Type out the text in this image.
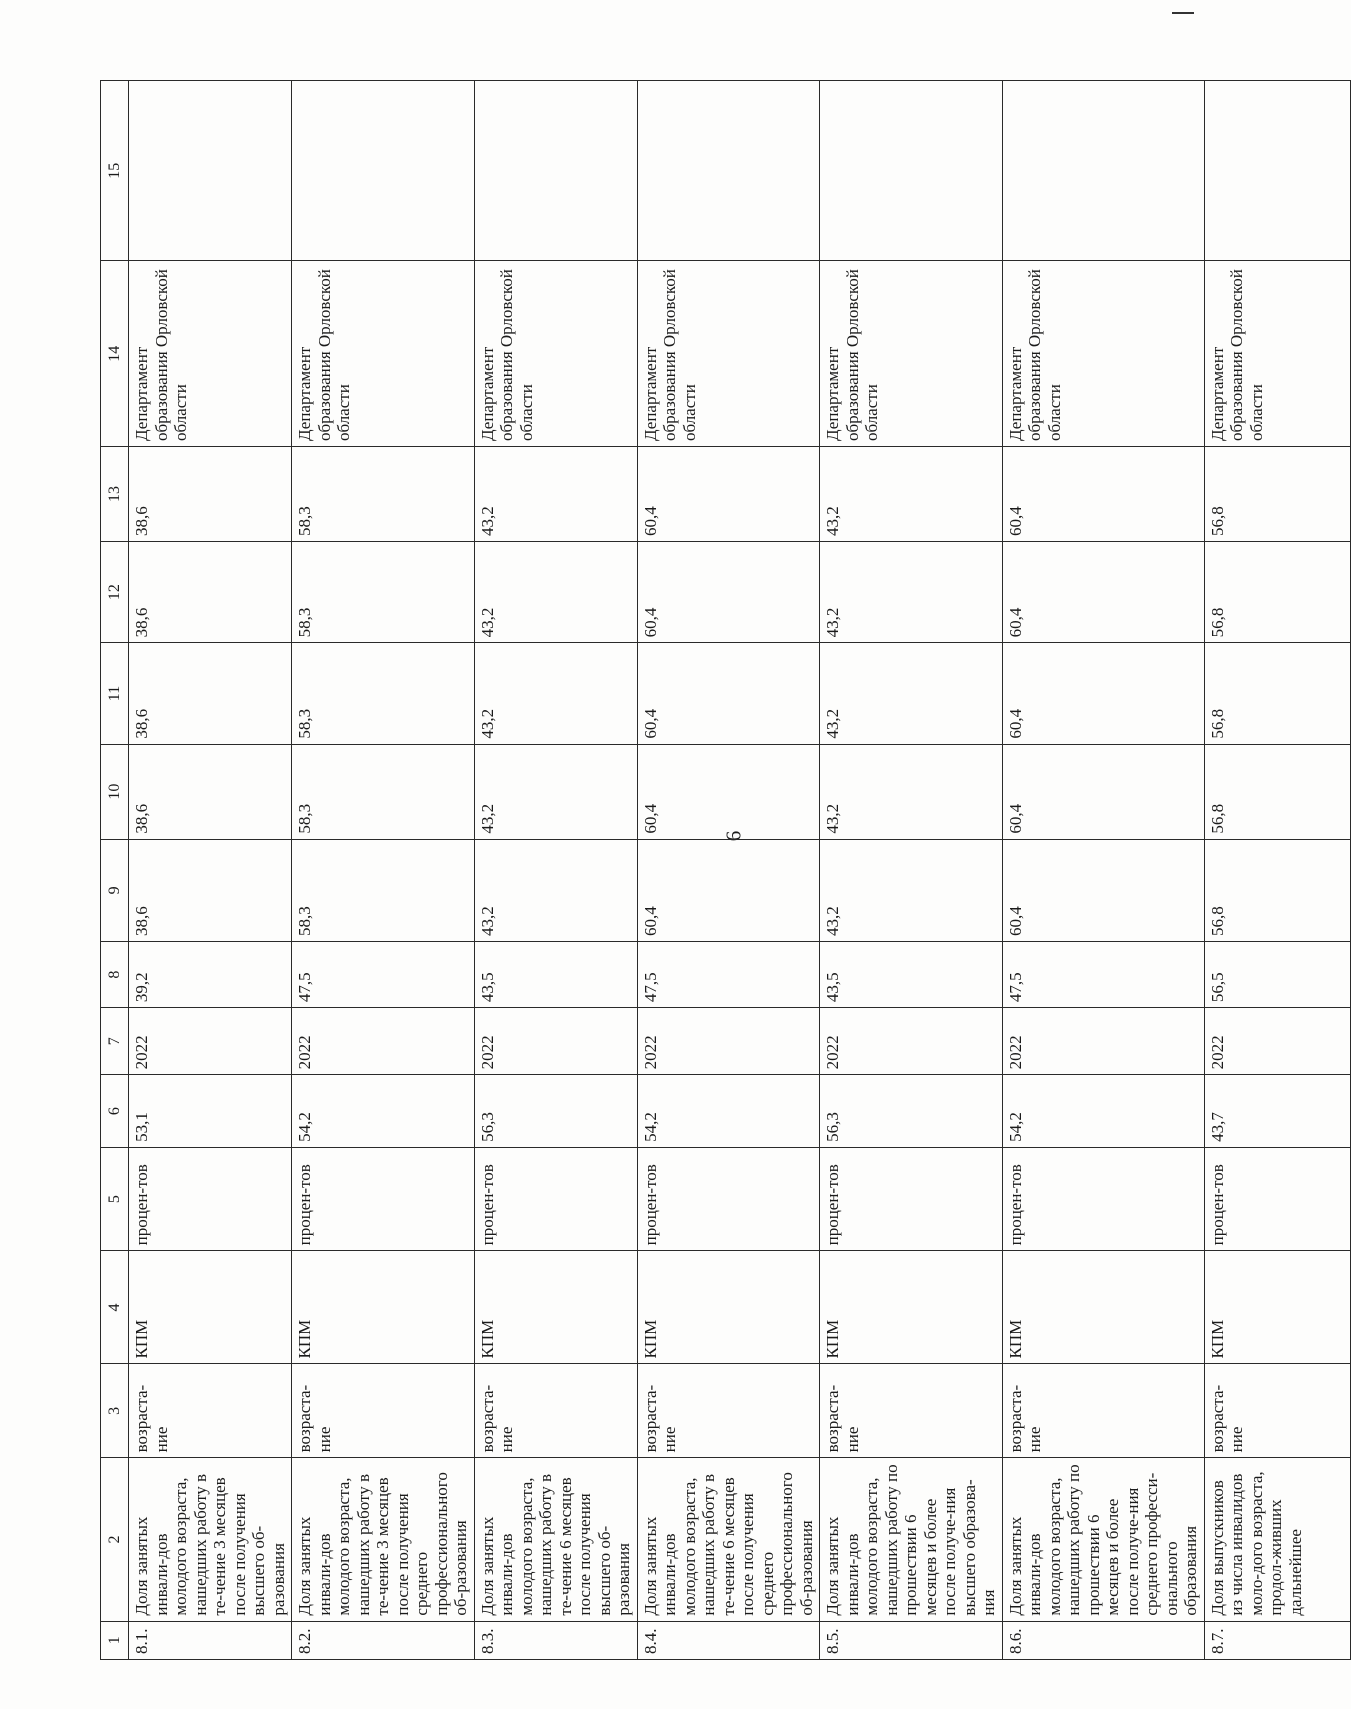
6
1	2	3	4	5	6	7	8	9	10	11	12	13	14	15
8.1.	Доля занятых инвали-дов молодого возраста, нашедших работу в те-чение 3 месяцев после получения высшего об-разования	возраста-ние	КПМ	процен-тов	53,1	2022	39,2	38,6	38,6	38,6	38,6	38,6	Департамент образования Орловской области	
8.2.	Доля занятых инвали-дов молодого возраста, нашедших работу в те-чение 3 месяцев после получения среднего профессионального об-разования	возраста-ние	КПМ	процен-тов	54,2	2022	47,5	58,3	58,3	58,3	58,3	58,3	Департамент образования Орловской области	
8.3.	Доля занятых инвали-дов молодого возраста, нашедших работу в те-чение 6 месяцев после получения высшего об-разования	возраста-ние	КПМ	процен-тов	56,3	2022	43,5	43,2	43,2	43,2	43,2	43,2	Департамент образования Орловской области	
8.4.	Доля занятых инвали-дов молодого возраста, нашедших работу в те-чение 6 месяцев после получения среднего профессионального об-разования	возраста-ние	КПМ	процен-тов	54,2	2022	47,5	60,4	60,4	60,4	60,4	60,4	Департамент образования Орловской области	
8.5.	Доля занятых инвали-дов молодого возраста, нашедших работу по прошествии 6 месяцев и более после получе-ния высшего образова-ния	возраста-ние	КПМ	процен-тов	56,3	2022	43,5	43,2	43,2	43,2	43,2	43,2	Департамент образования Орловской области	
8.6.	Доля занятых инвали-дов молодого возраста, нашедших работу по прошествии 6 месяцев и более после получе-ния среднего професси-онального образования	возраста-ние	КПМ	процен-тов	54,2	2022	47,5	60,4	60,4	60,4	60,4	60,4	Департамент образования Орловской области	
8.7.	Доля выпускников из числа инвалидов моло-дого возраста, продол-живших дальнейшее	возраста-ние	КПМ	процен-тов	43,7	2022	56,5	56,8	56,8	56,8	56,8	56,8	Департамент образования Орловской области	
